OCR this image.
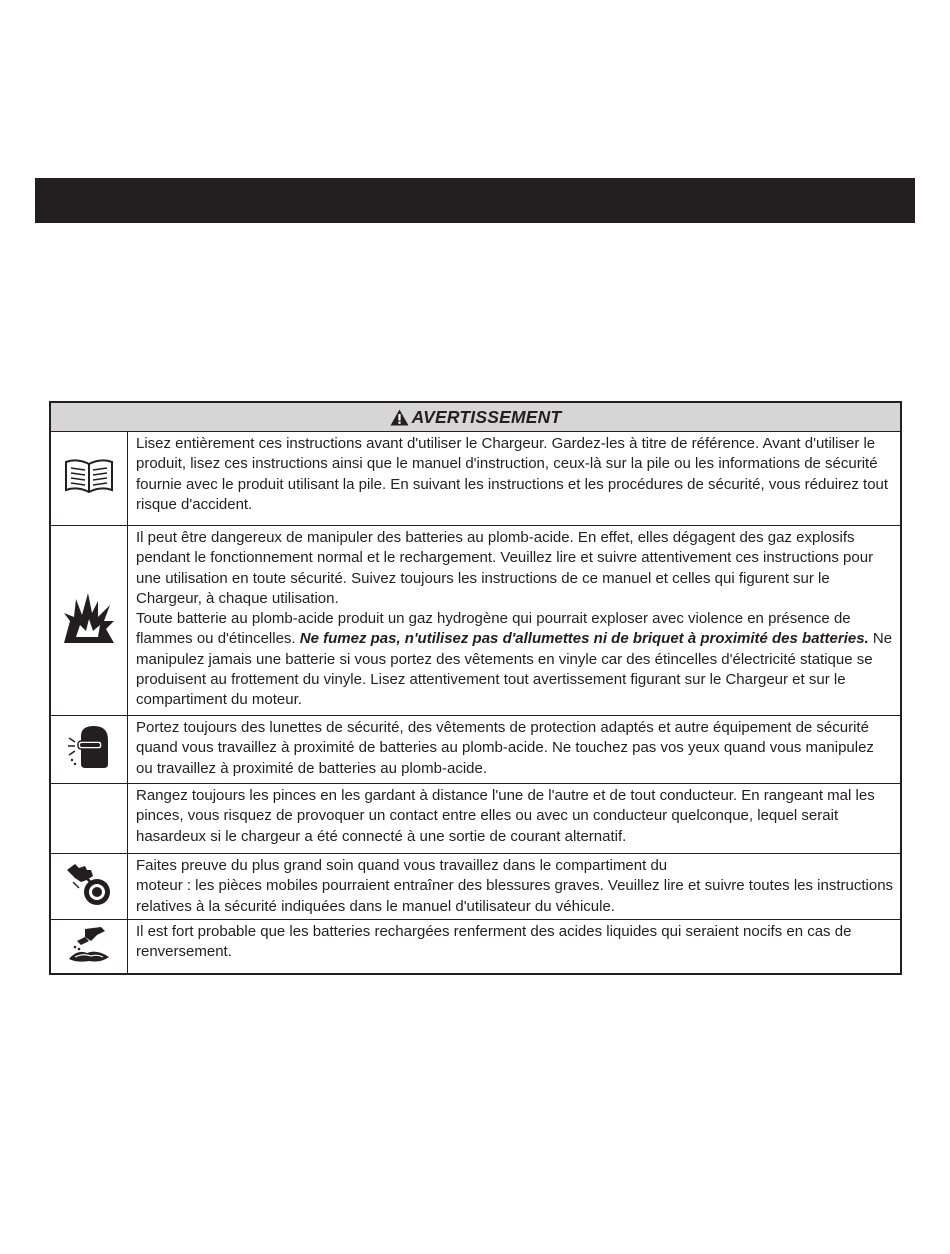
AVERTISSEMENT

Lisez entièrement ces instructions avant d'utiliser le Chargeur. Gardez-les à titre de référence. Avant d'utiliser le produit, lisez ces instructions ainsi que le manuel d'instruction, ceux-là sur la pile ou les informations de sécurité fournie avec le produit utilisant la pile. En suivant les instructions et les procédures de sécurité, vous réduirez tout risque d'accident.

Il peut être dangereux de manipuler des batteries au plomb-acide. En effet, elles dégagent des gaz explosifs pendant le fonctionnement normal et le rechargement. Veuillez lire et suivre attentivement ces instructions pour une utilisation en toute sécurité. Suivez toujours les instructions de ce manuel et celles qui figurent sur le Chargeur, à chaque utilisation.

Toute batterie au plomb-acide produit un gaz hydrogène qui pourrait exploser avec violence en présence de flammes ou d'étincelles. Ne fumez pas, n'utilisez pas d'allumettes ni de briquet à proximité des batteries. Ne manipulez jamais une batterie si vous portez des vêtements en vinyle car des étincelles d'électricité statique se produisent au frottement du vinyle. Lisez attentivement tout avertissement figurant sur le Chargeur et sur le compartiment du moteur.

Portez toujours des lunettes de sécurité, des vêtements de protection adaptés et autre équipement de sécurité quand vous travaillez à proximité de batteries au plomb-acide. Ne touchez pas vos yeux quand vous manipulez ou travaillez à proximité de batteries au plomb-acide.

Rangez toujours les pinces en les gardant à distance l'une de l'autre et de tout conducteur. En rangeant mal les pinces, vous risquez de provoquer un contact entre elles ou avec un conducteur quelconque, lequel serait hasardeux si le chargeur a été connecté à une sortie de courant alternatif.

Faites preuve du plus grand soin quand vous travaillez dans le compartiment du

moteur : les pièces mobiles pourraient entraîner des blessures graves. Veuillez lire et suivre toutes les instructions relatives à la sécurité indiquées dans le manuel d'utilisateur du véhicule.

Il est fort probable que les batteries rechargées renferment des acides liquides qui seraient nocifs en cas de renversement.
